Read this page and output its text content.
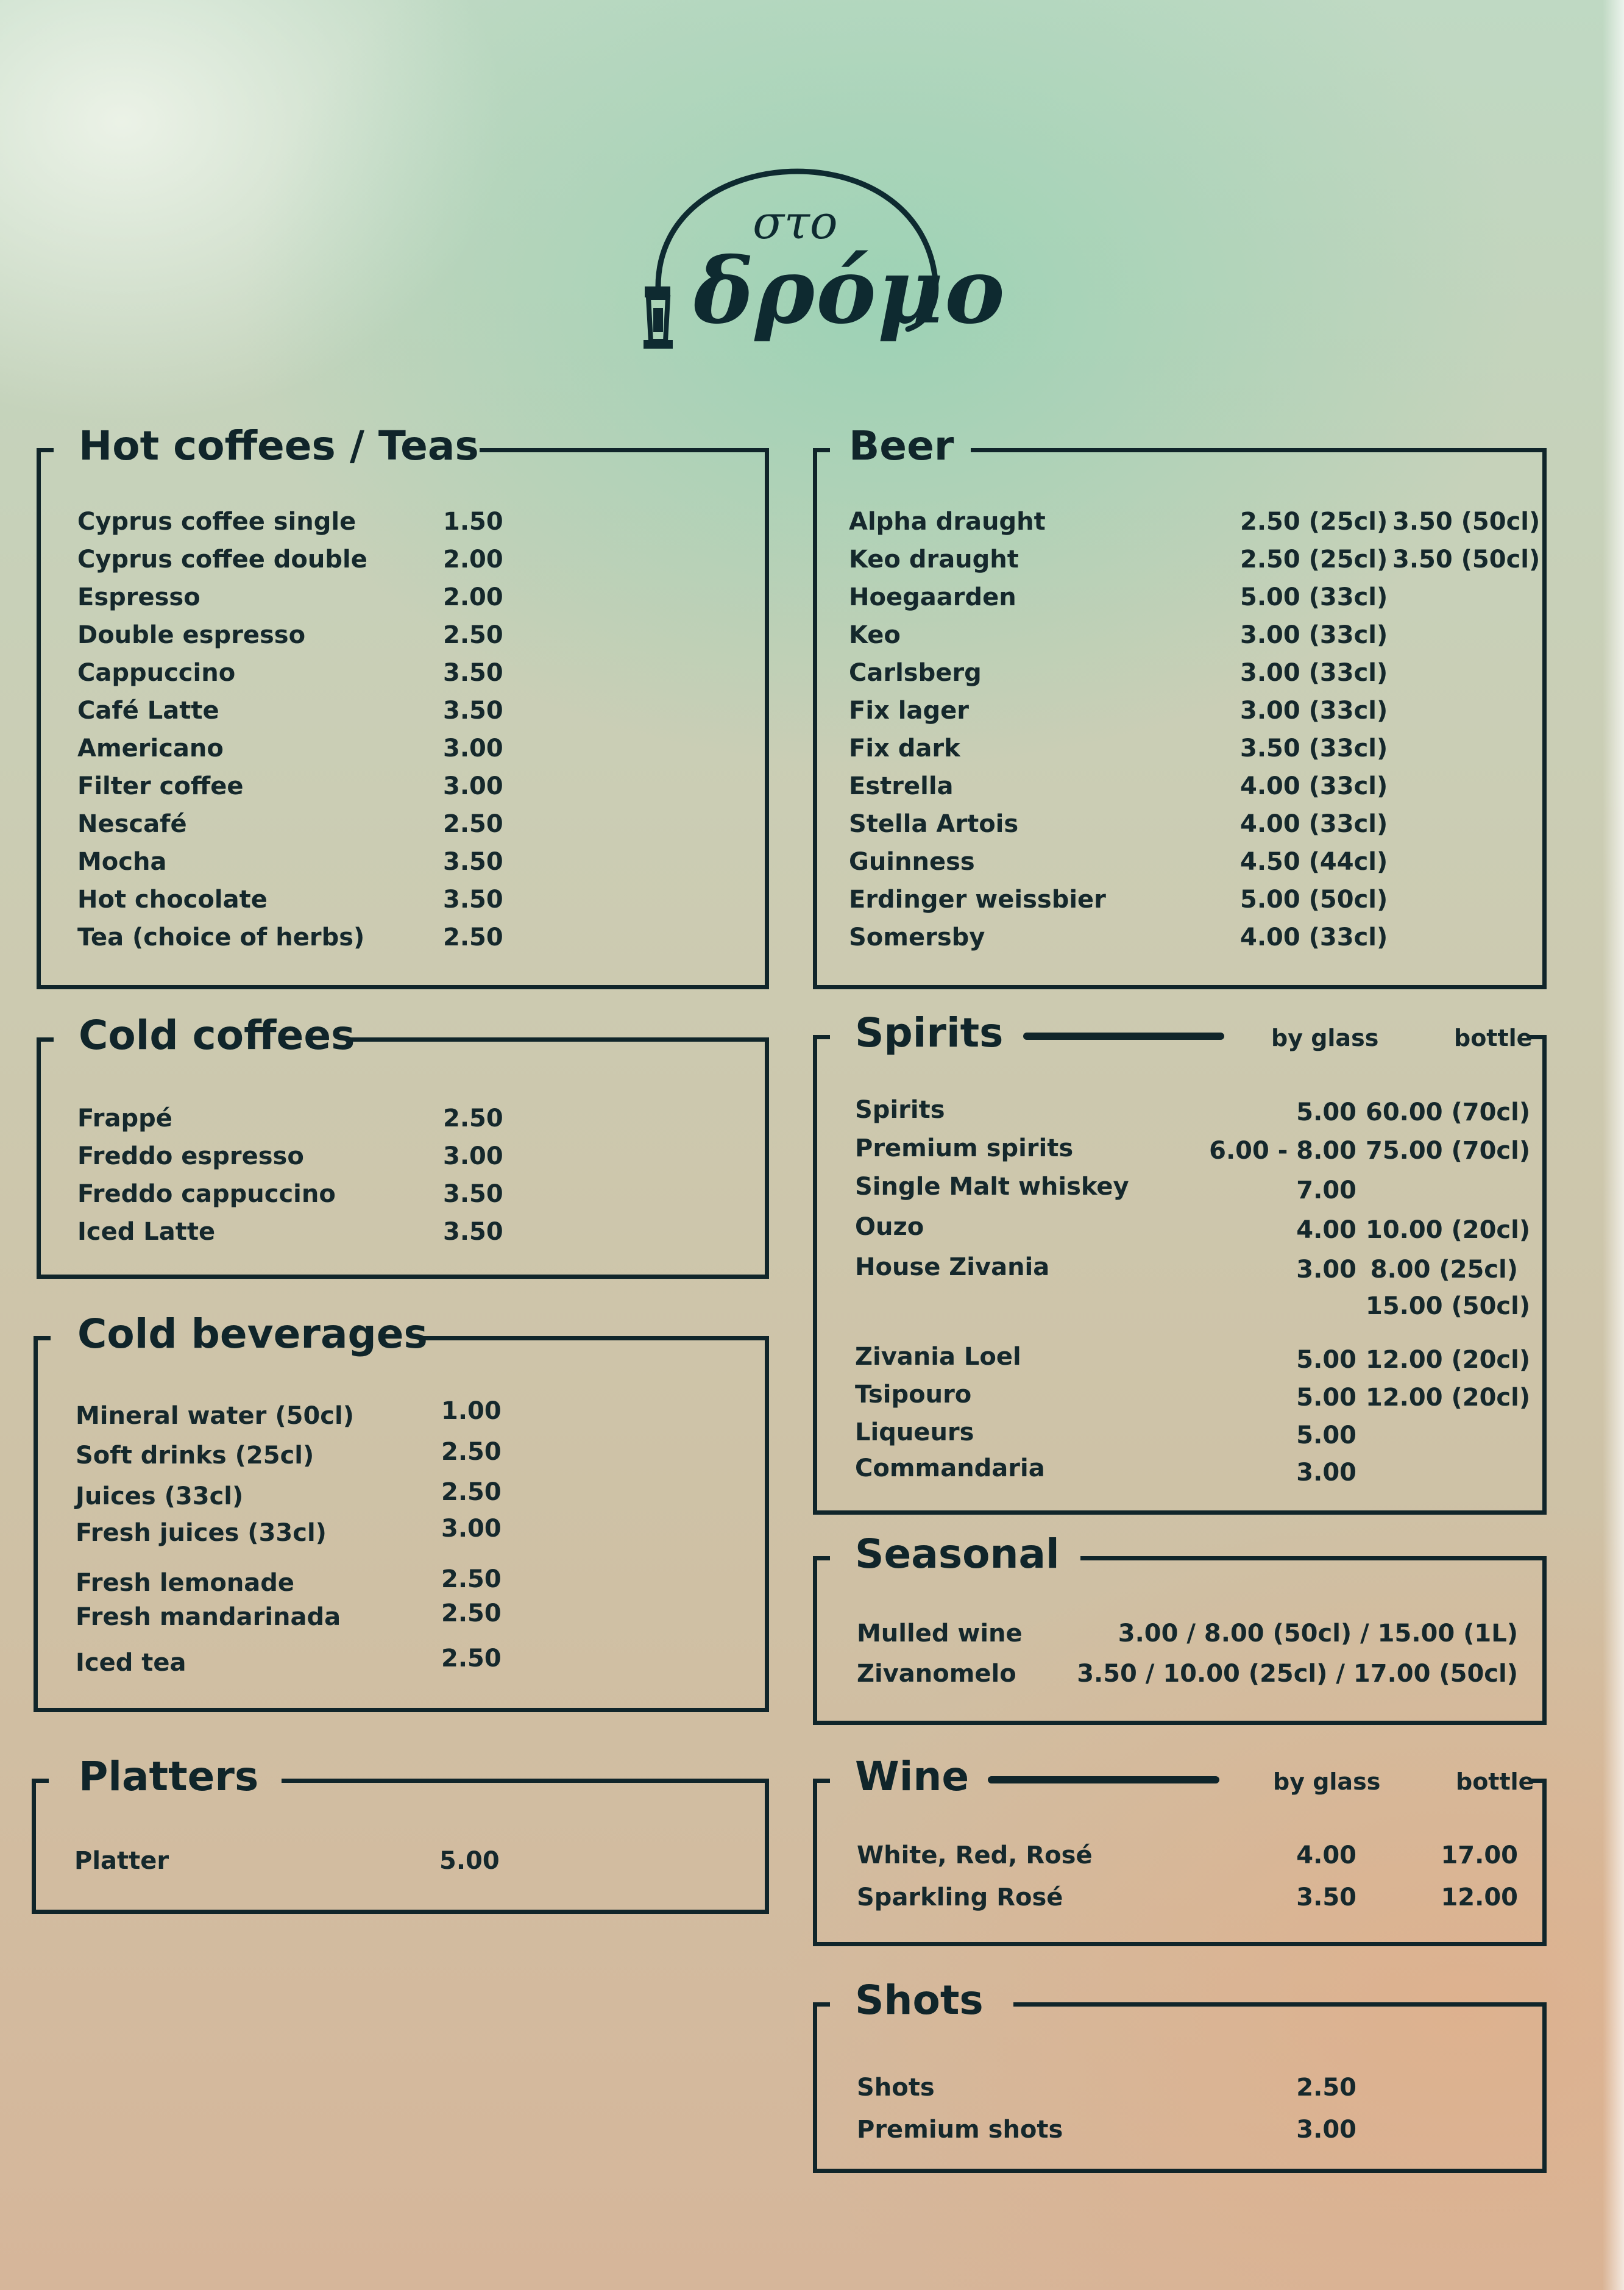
στο
δρόμο
Hot coffees / Teas
Cyprus coffee single	1.50
Cyprus coffee double	2.00
Espresso	2.00
Double espresso	2.50
Cappuccino	3.50
Café Latte	3.50
Americano	3.00
Filter coffee	3.00
Nescafé	2.50
Mocha	3.50
Hot chocolate	3.50
Tea (choice of herbs)	2.50
Cold coffees
Frappé	2.50
Freddo espresso	3.00
Freddo cappuccino	3.50
Iced Latte	3.50
Cold beverages
Mineral water (50cl)	1.00
Soft drinks (25cl)	2.50
Juices (33cl)	2.50
Fresh juices (33cl)	3.00
Fresh lemonade	2.50
Fresh mandarinada	2.50
Iced tea	2.50
Platters
Platter	5.00
Beer
Alpha draught	2.50 (25cl) 3.50 (50cl)
Keo draught	2.50 (25cl) 3.50 (50cl)
Hoegaarden	5.00 (33cl)
Keo	3.00 (33cl)
Carlsberg	3.00 (33cl)
Fix lager	3.00 (33cl)
Fix dark	3.50 (33cl)
Estrella	4.00 (33cl)
Stella Artois	4.00 (33cl)
Guinness	4.50 (44cl)
Erdinger weissbier	5.00 (50cl)
Somersby	4.00 (33cl)
Spirits	by glass	bottle
Spirits	5.00 60.00 (70cl)
Premium spirits	6.00 - 8.00 75.00 (70cl)
Single Malt whiskey	7.00
Ouzo	4.00 10.00 (20cl)
House Zivania	3.00 8.00 (25cl)
15.00 (50cl)
Zivania Loel	5.00 12.00 (20cl)
Tsipouro	5.00 12.00 (20cl)
Liqueurs	5.00
Commandaria	3.00
Seasonal
Mulled wine	3.00 / 8.00 (50cl) / 15.00 (1L)
Zivanomelo	3.50 / 10.00 (25cl) / 17.00 (50cl)
Wine	by glass	bottle
White, Red, Rosé	4.00	17.00
Sparkling Rosé	3.50	12.00
Shots
Shots	2.50
Premium shots	3.00
